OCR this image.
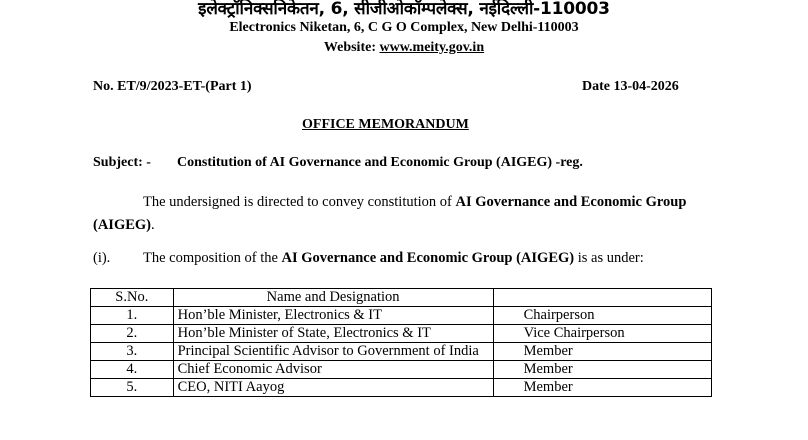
इलेक्ट्रॉनिक्सनिकेतन, 6, सीजीओकॉम्पलेक्स, नईदिल्ली-110003
Electronics Niketan, 6, C G O Complex, New Delhi-110003
Website: www.meity.gov.in
No. ET/9/2023-ET-(Part 1)	Date 13-04-2026
OFFICE MEMORANDUM
Subject: - Constitution of AI Governance and Economic Group (AIGEG) -reg.
The undersigned is directed to convey constitution of AI Governance and Economic Group (AIGEG).
(i). The composition of the AI Governance and Economic Group (AIGEG) is as under:
S.No.	Name and Designation	
1.	Hon’ble Minister, Electronics & IT	Chairperson
2.	Hon’ble Minister of State, Electronics & IT	Vice Chairperson
3.	Principal Scientific Advisor to Government of India	Member
4.	Chief Economic Advisor	Member
5.	CEO, NITI Aayog	Member
